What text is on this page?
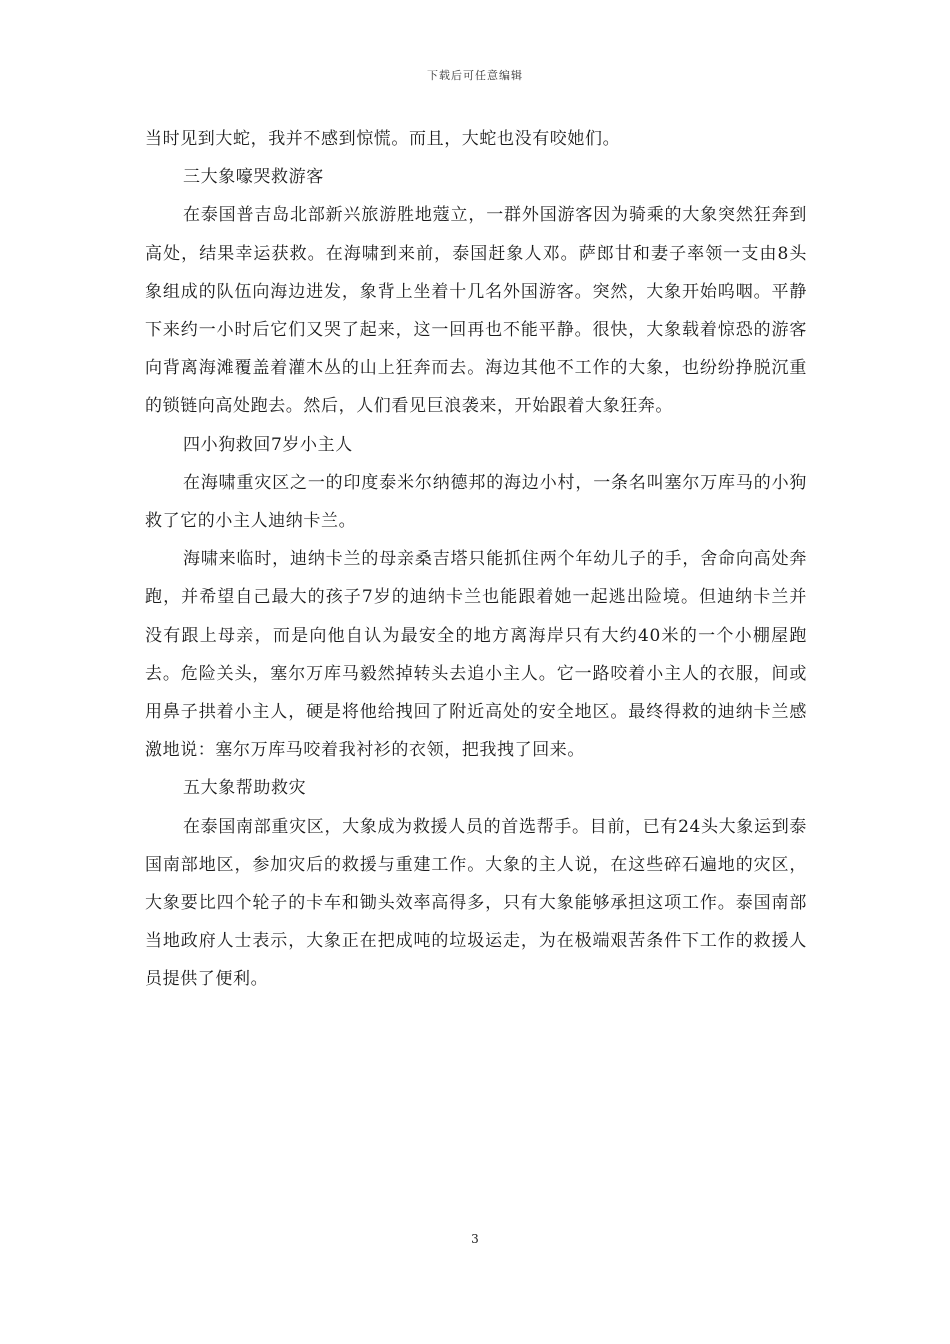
下载后可任意编辑

当时见到大蛇，我并不感到惊慌。而且，大蛇也没有咬她们。

三大象嚎哭救游客

在泰国普吉岛北部新兴旅游胜地蔻立，一群外国游客因为骑乘的大象突然狂奔到高处，结果幸运获救。在海啸到来前，泰国赶象人邓。萨郎甘和妻子率领一支由8头象组成的队伍向海边进发，象背上坐着十几名外国游客。突然，大象开始呜咽。平静下来约一小时后它们又哭了起来，这一回再也不能平静。很快，大象载着惊恐的游客向背离海滩覆盖着灌木丛的山上狂奔而去。海边其他不工作的大象，也纷纷挣脱沉重的锁链向高处跑去。然后，人们看见巨浪袭来，开始跟着大象狂奔。

四小狗救回7岁小主人

在海啸重灾区之一的印度泰米尔纳德邦的海边小村，一条名叫塞尔万库马的小狗救了它的小主人迪纳卡兰。

海啸来临时，迪纳卡兰的母亲桑吉塔只能抓住两个年幼儿子的手，舍命向高处奔跑，并希望自己最大的孩子7岁的迪纳卡兰也能跟着她一起逃出险境。但迪纳卡兰并没有跟上母亲，而是向他自认为最安全的地方离海岸只有大约40米的一个小棚屋跑去。危险关头，塞尔万库马毅然掉转头去追小主人。它一路咬着小主人的衣服，间或用鼻子拱着小主人，硬是将他给拽回了附近高处的安全地区。最终得救的迪纳卡兰感激地说：塞尔万库马咬着我衬衫的衣领，把我拽了回来。

五大象帮助救灾

在泰国南部重灾区，大象成为救援人员的首选帮手。目前，已有24头大象运到泰国南部地区，参加灾后的救援与重建工作。大象的主人说，在这些碎石遍地的灾区，大象要比四个轮子的卡车和锄头效率高得多，只有大象能够承担这项工作。泰国南部当地政府人士表示，大象正在把成吨的垃圾运走，为在极端艰苦条件下工作的救援人员提供了便利。

3
